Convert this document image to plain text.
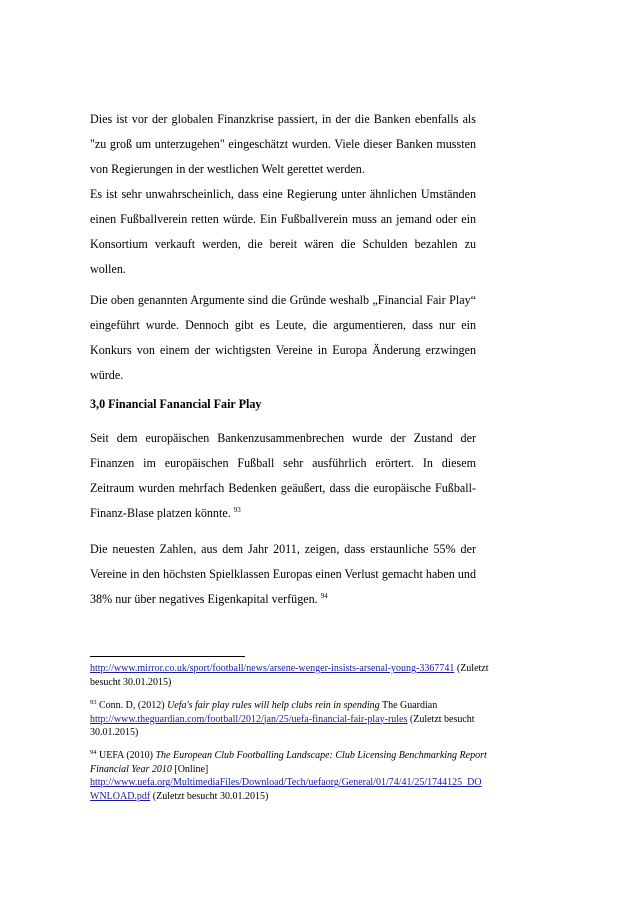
Dies ist vor der globalen Finanzkrise passiert, in der die Banken ebenfalls als "zu groß um unterzugehen" eingeschätzt wurden. Viele dieser Banken mussten von Regierungen in der westlichen Welt gerettet werden.

Es ist sehr unwahrscheinlich, dass eine Regierung unter ähnlichen Umständen einen Fußballverein retten würde. Ein Fußballverein muss an jemand oder ein Konsortium verkauft werden, die bereit wären die Schulden bezahlen zu wollen.

Die oben genannten Argumente sind die Gründe weshalb „Financial Fair Play“ eingeführt wurde. Dennoch gibt es Leute, die argumentieren, dass nur ein Konkurs von einem der wichtigsten Vereine in Europa Änderung erzwingen würde.

3,0 Financial Fanancial Fair Play

Seit dem europäischen Bankenzusammenbrechen wurde der Zustand der Finanzen im europäischen Fußball sehr ausführlich erörtert. In diesem Zeitraum wurden mehrfach Bedenken geäußert, dass die europäische Fußball-Finanz-Blase platzen könnte. $^{93}$

Die neuesten Zahlen, aus dem Jahr 2011, zeigen, dass erstaunliche 55% der Vereine in den höchsten Spielklassen Europas einen Verlust gemacht haben und 38% nur über negatives Eigenkapital verfügen. $^{94}$

http://www.mirror.co.uk/sport/football/news/arsene-wenger-insists-arsenal-young-3367741 (Zuletzt besucht 30.01.2015)

$^{93}$ Conn. D, (2012) Uefa's fair play rules will help clubs rein in spending The Guardian
http://www.theguardian.com/football/2012/jan/25/uefa-financial-fair-play-rules (Zuletzt besucht 30.01.2015)

$^{94}$ UEFA (2010) The European Club Footballing Landscape: Club Licensing Benchmarking Report Financial Year 2010 [Online]
http://www.uefa.org/MultimediaFiles/Download/Tech/uefaorg/General/01/74/41/25/1744125_DOWNLOAD.pdf (Zuletzt besucht 30.01.2015)
